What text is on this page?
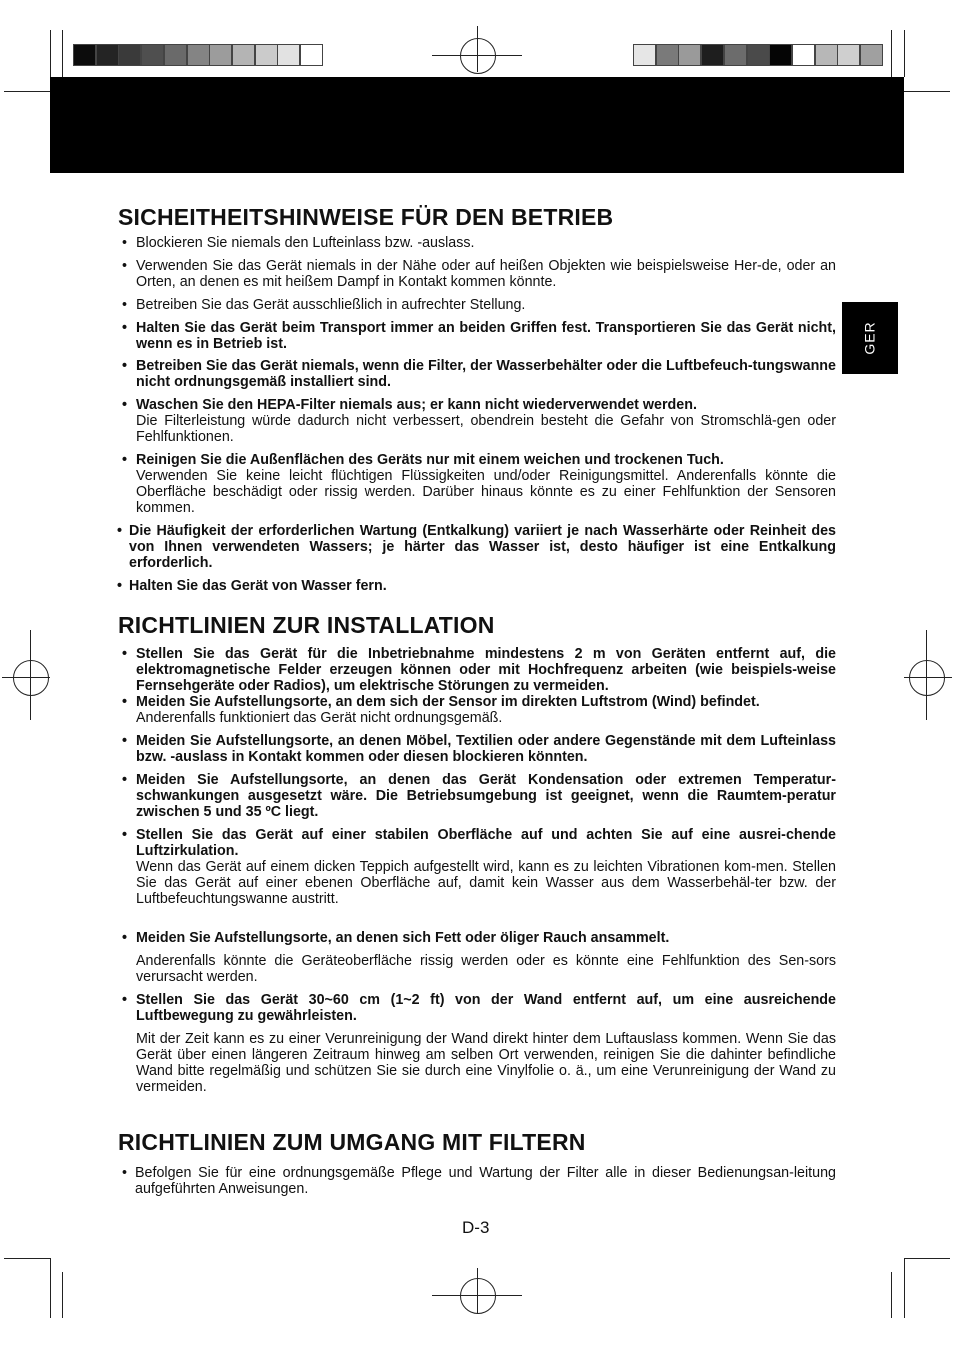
GER
SICHEITHEITSHINWEISE FÜR DEN BETRIEB
RICHTLINIEN ZUR INSTALLATION
RICHTLINIEN ZUM UMGANG MIT FILTERN
• Blockieren Sie niemals den Lufteinlass bzw. -auslass.
• Verwenden Sie das Gerät niemals in der Nähe oder auf heißen Objekten wie beispielsweise Her-de, oder an Orten, an denen es mit heißem Dampf in Kontakt kommen könnte.
• Betreiben Sie das Gerät ausschließlich in aufrechter Stellung.
• Halten Sie das Gerät beim Transport immer an beiden Griffen fest. Transportieren Sie das Gerät nicht, wenn es in Betrieb ist.
• Betreiben Sie das Gerät niemals, wenn die Filter, der Wasserbehälter oder die Luftbefeuch-tungswanne nicht ordnungsgemäß installiert sind.
• Waschen Sie den HEPA-Filter niemals aus; er kann nicht wiederverwendet werden.
Die Filterleistung würde dadurch nicht verbessert, obendrein besteht die Gefahr von Stromschlä-gen oder Fehlfunktionen.
• Reinigen Sie die Außenflächen des Geräts nur mit einem weichen und trockenen Tuch.
Verwenden Sie keine leicht flüchtigen Flüssigkeiten und/oder Reinigungsmittel. Anderenfalls könnte die Oberfläche beschädigt oder rissig werden. Darüber hinaus könnte es zu einer Fehlfunktion der Sensoren kommen.
• Die Häufigkeit der erforderlichen Wartung (Entkalkung) variiert je nach Wasserhärte oder Reinheit des von Ihnen verwendeten Wassers; je härter das Wasser ist, desto häufiger ist eine Entkalkung erforderlich.
• Halten Sie das Gerät von Wasser fern.
• Stellen Sie das Gerät für die Inbetriebnahme mindestens 2 m von Geräten entfernt auf, die elektromagnetische Felder erzeugen können oder mit Hochfrequenz arbeiten (wie beispiels-weise Fernsehgeräte oder Radios), um elektrische Störungen zu vermeiden.
• Meiden Sie Aufstellungsorte, an dem sich der Sensor im direkten Luftstrom (Wind) befindet.
Anderenfalls funktioniert das Gerät nicht ordnungsgemäß.
• Meiden Sie Aufstellungsorte, an denen Möbel, Textilien oder andere Gegenstände mit dem Lufteinlass bzw. -auslass in Kontakt kommen oder diesen blockieren könnten.
• Meiden Sie Aufstellungsorte, an denen das Gerät Kondensation oder extremen Temperatur-schwankungen ausgesetzt wäre. Die Betriebsumgebung ist geeignet, wenn die Raumtem-peratur zwischen 5 und 35 ºC liegt.
• Stellen Sie das Gerät auf einer stabilen Oberfläche auf und achten Sie auf eine ausrei-chende Luftzirkulation.
Wenn das Gerät auf einem dicken Teppich aufgestellt wird, kann es zu leichten Vibrationen kom-men. Stellen Sie das Gerät auf einer ebenen Oberfläche auf, damit kein Wasser aus dem Wasserbehäl-ter bzw. der Luftbefeuchtungswanne austritt.
• Meiden Sie Aufstellungsorte, an denen sich Fett oder öliger Rauch ansammelt.
Anderenfalls könnte die Geräteoberfläche rissig werden oder es könnte eine Fehlfunktion des Sen-sors verursacht werden.
• Stellen Sie das Gerät 30~60 cm (1~2 ft) von der Wand entfernt auf, um eine ausreichende Luftbewegung zu gewährleisten.
Mit der Zeit kann es zu einer Verunreinigung der Wand direkt hinter dem Luftauslass kommen. Wenn Sie das Gerät über einen längeren Zeitraum hinweg am selben Ort verwenden, reinigen Sie die dahinter befindliche Wand bitte regelmäßig und schützen Sie sie durch eine Vinylfolie o. ä., um eine Verunreinigung der Wand zu vermeiden.
• Befolgen Sie für eine ordnungsgemäße Pflege und Wartung der Filter alle in dieser Bedienungsan-leitung aufgeführten Anweisungen.
D-3
